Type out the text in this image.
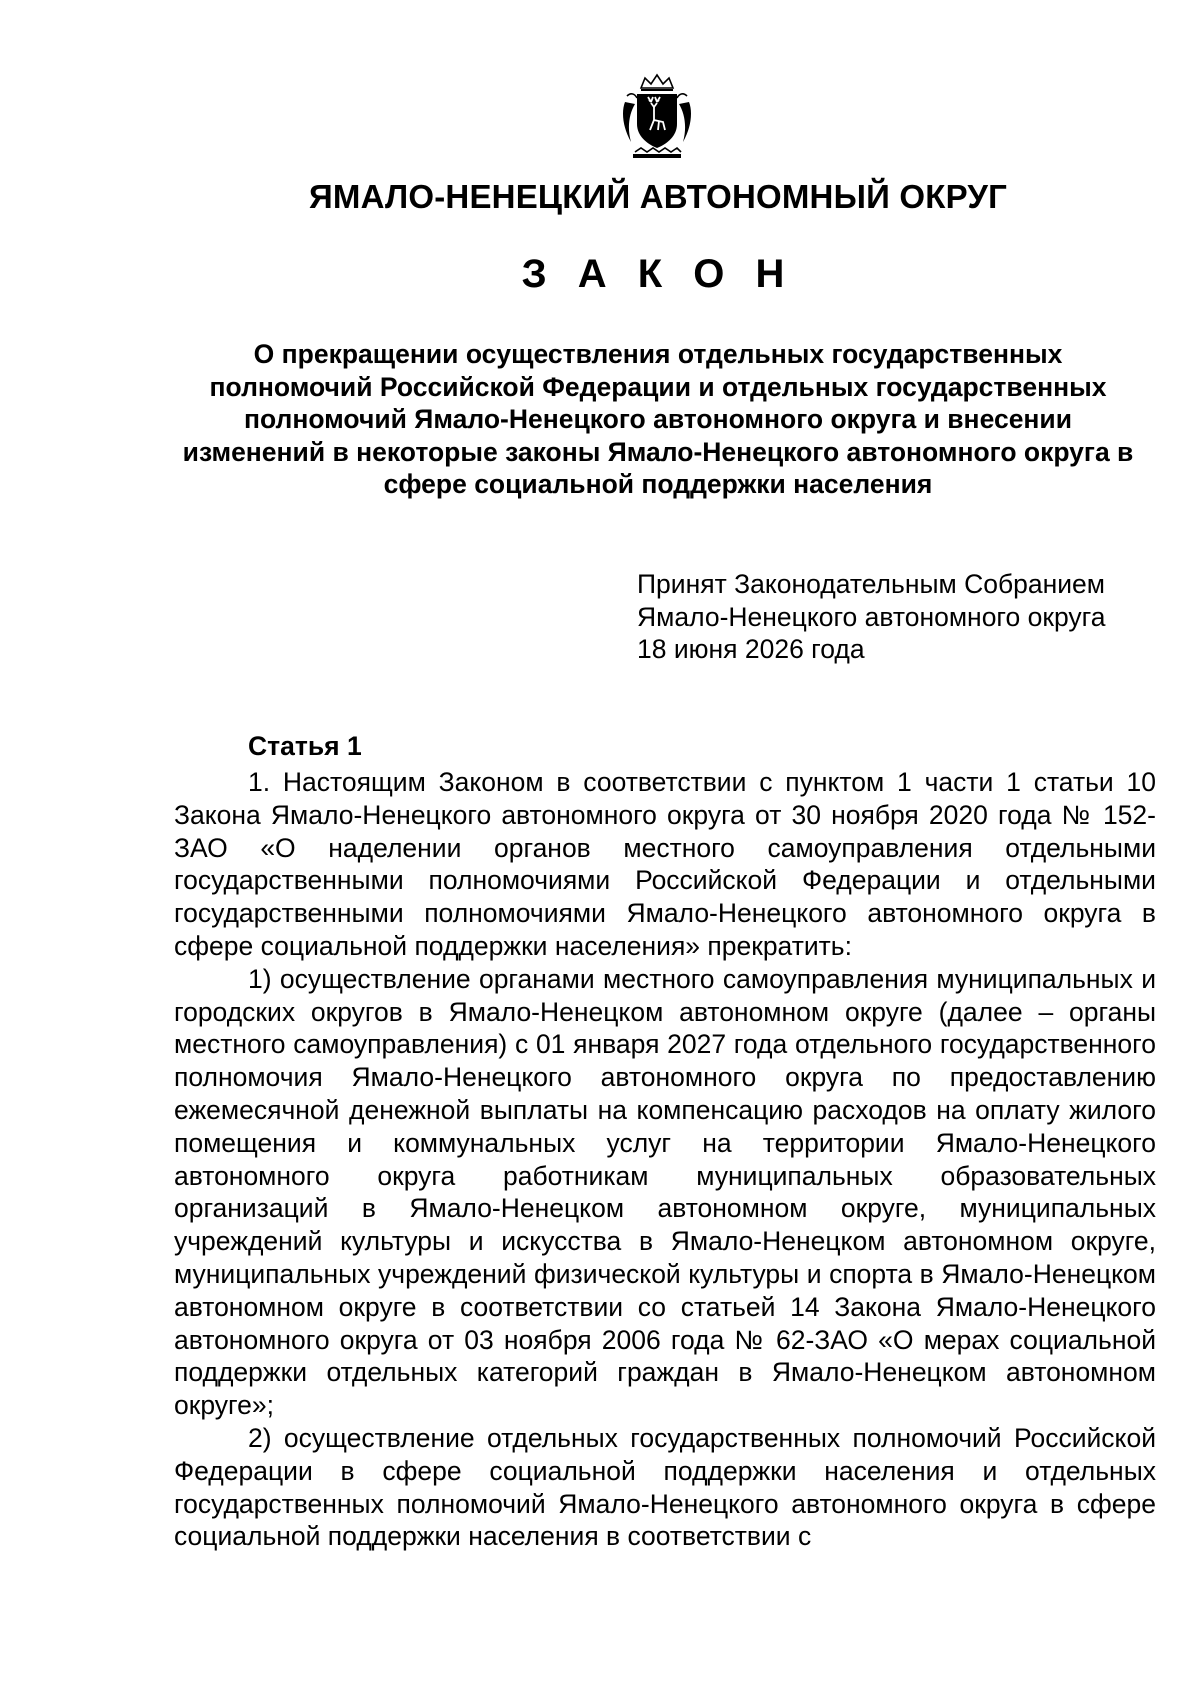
ЯМАЛО-НЕНЕЦКИЙ АВТОНОМНЫЙ ОКРУГ
З А К О Н
О прекращении осуществления отдельных государственных полномочий Российской Федерации и отдельных государственных полномочий Ямало-Ненецкого автономного округа и внесении изменений в некоторые законы Ямало-Ненецкого автономного округа в сфере социальной поддержки населения
Принят Законодательным Собранием
Ямало-Ненецкого автономного округа
18 июня 2026 года
Статья 1

1. Настоящим Законом в соответствии с пунктом 1 части 1 статьи 10 Закона Ямало-Ненецкого автономного округа от 30 ноября 2020 года № 152-ЗАО «О наделении органов местного самоуправления отдельными государственными полномочиями Российской Федерации и отдельными государственными полномочиями Ямало-Ненецкого автономного округа в сфере социальной поддержки населения» прекратить:

1) осуществление органами местного самоуправления муниципальных и городских округов в Ямало-Ненецком автономном округе (далее – органы местного самоуправления) с 01 января 2027 года отдельного государственного полномочия Ямало-Ненецкого автономного округа по предоставлению ежемесячной денежной выплаты на компенсацию расходов на оплату жилого помещения и коммунальных услуг на территории Ямало-Ненецкого автономного округа работникам муниципальных образовательных организаций в Ямало-Ненецком автономном округе, муниципальных учреждений культуры и искусства в Ямало-Ненецком автономном округе, муниципальных учреждений физической культуры и спорта в Ямало-Ненецком автономном округе в соответствии со статьей 14 Закона Ямало-Ненецкого автономного округа от 03 ноября 2006 года № 62-ЗАО «О мерах социальной поддержки отдельных категорий граждан в Ямало-Ненецком автономном округе»;

2) осуществление отдельных государственных полномочий Российской Федерации в сфере социальной поддержки населения и отдельных государственных полномочий Ямало-Ненецкого автономного округа в сфере социальной поддержки населения в соответствии с
